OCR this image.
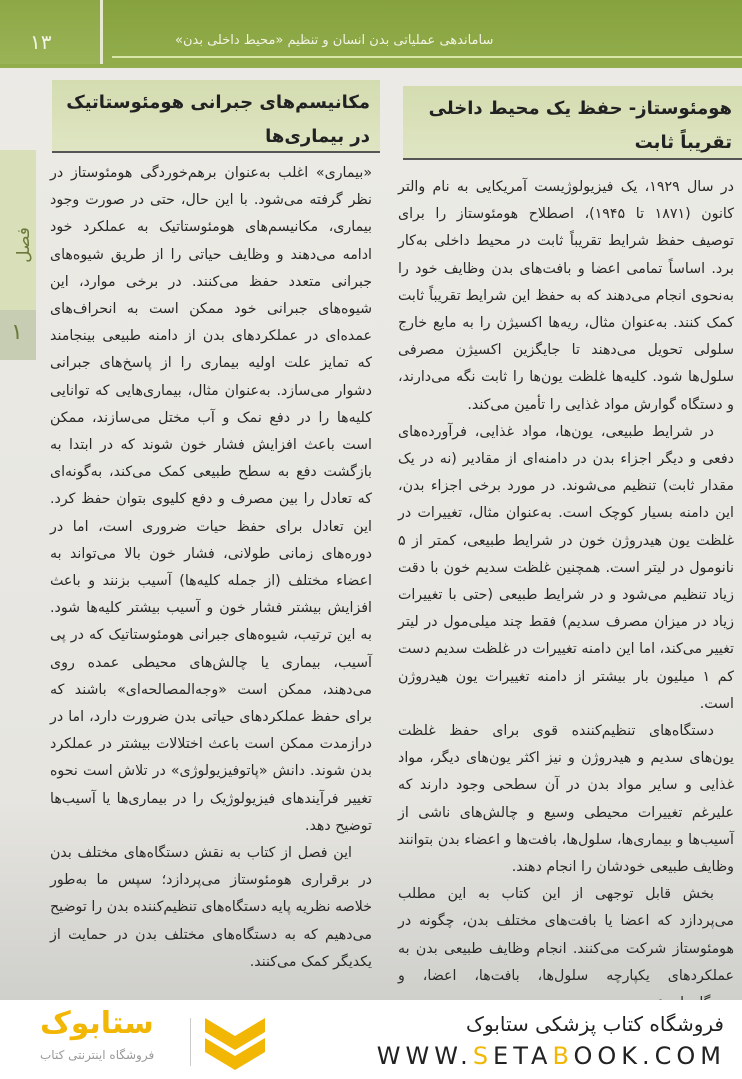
۱۳	ساماندهی عملیاتی بدن انسان و تنظیم «محیط داخلی بدن»
فصل
۱
هومئوستاز- حفظ یک محیط داخلی تقریباً ثابت
مکانیسم‌های جبرانی هومئوستاتیک در بیماری‌ها

در سال ۱۹۲۹، یک فیزیولوژیست آمریکایی به نام والتر کانون (۱۸۷۱ تا ۱۹۴۵)، اصطلاح هومئوستاز را برای توصیف حفظ شرایط تقریباً ثابت در محیط داخلی به‌کار برد. اساساً تمامی اعضا و بافت‌های بدن وظایف خود را به‌نحوی انجام می‌دهند که به حفظ این شرایط تقریباً ثابت کمک کنند. به‌عنوان مثال، ریه‌ها اکسیژن را به مایع خارج سلولی تحویل می‌دهند تا جایگزین اکسیژن مصرفی سلول‌ها شود. کلیه‌ها غلظت یون‌ها را ثابت نگه می‌دارند، و دستگاه گوارش مواد غذایی را تأمین می‌کند.

در شرایط طبیعی، یون‌ها، مواد غذایی، فرآورده‌های دفعی و دیگر اجزاء بدن در دامنه‌ای از مقادیر (نه در یک مقدار ثابت) تنظیم می‌شوند. در مورد برخی اجزاء بدن، این دامنه بسیار کوچک است. به‌عنوان مثال، تغییرات در غلظت یون هیدروژن خون در شرایط طبیعی، کمتر از ۵ نانومول در لیتر است. همچنین غلظت سدیم خون با دقت زیاد تنظیم می‌شود و در شرایط طبیعی (حتی با تغییرات زیاد در میزان مصرف سدیم) فقط چند میلی‌مول در لیتر تغییر می‌کند، اما این دامنه تغییرات در غلظت سدیم دست کم ۱ میلیون بار بیشتر از دامنه تغییرات یون هیدروژن است.

دستگاه‌های تنظیم‌کننده قوی برای حفظ غلظت یون‌های سدیم و هیدروژن و نیز اکثر یون‌های دیگر، مواد غذایی و سایر مواد بدن در آن سطحی وجود دارند که علیرغم تغییرات محیطی وسیع و چالش‌های ناشی از آسیب‌ها و بیماری‌ها، سلول‌ها، بافت‌ها و اعضاء بدن بتوانند وظایف طبیعی خودشان را انجام دهند.

بخش قابل توجهی از این کتاب به این مطلب می‌پردازد که اعضا یا بافت‌های مختلف بدن، چگونه در هومئوستاز شرکت می‌کنند. انجام وظایف طبیعی بدن به عملکردهای یکپارچه سلول‌ها، بافت‌ها، اعضا، و

«بیماری» اغلب به‌عنوان برهم‌خوردگی هومئوستاز در نظر گرفته می‌شود. با این حال، حتی در صورت وجود بیماری، مکانیسم‌های هومئوستاتیک به عملکرد خود ادامه می‌دهند و وظایف حیاتی را از طریق شیوه‌های جبرانی متعدد حفظ می‌کنند. در برخی موارد، این شیوه‌های جبرانی خود ممکن است به انحراف‌های عمده‌ای در عملکردهای بدن از دامنه طبیعی بینجامند که تمایز علت اولیه بیماری را از پاسخ‌های جبرانی دشوار می‌سازد. به‌عنوان مثال، بیماری‌هایی که توانایی کلیه‌ها را در دفع نمک و آب مختل می‌سازند، ممکن است باعث افزایش فشار خون شوند که در ابتدا به بازگشت دفع به سطح طبیعی کمک می‌کند، به‌گونه‌ای که تعادل را بین مصرف و دفع کلیوی بتوان حفظ کرد. این تعادل برای حفظ حیات ضروری است، اما در دوره‌های زمانی طولانی، فشار خون بالا می‌تواند به اعضاء مختلف (از جمله کلیه‌ها) آسیب بزنند و باعث افزایش بیشتر فشار خون و آسیب بیشتر کلیه‌ها شود. به این ترتیب، شیوه‌های جبرانی هومئوستاتیک که در پی آسیب، بیماری یا چالش‌های محیطی عمده روی می‌دهند، ممکن است «وجه‌المصالحه‌ای» باشند که برای حفظ عملکردهای حیاتی بدن ضرورت دارد، اما در درازمدت ممکن است باعث اختلالات بیشتر در عملکرد بدن شوند. دانش «پاتوفیزیولوژی» در تلاش است نحوه تغییر فرآیندهای فیزیولوژیک را در بیماری‌ها یا آسیب‌ها توضیح دهد.

این فصل از کتاب به نقش دستگاه‌های مختلف بدن در برقراری هومئوستاز می‌پردازد؛ سپس ما به‌طور خلاصه نظریه پایه دستگاه‌های تنظیم‌کننده بدن را توضیح می‌دهیم که به دستگاه‌های مختلف بدن در حمایت از یکدیگر کمک می‌کنند.

فروشگاه کتاب پزشکی ستابوک
WWW.SETABOOK.COM
ستابوک
فروشگاه اینترنتی کتاب
